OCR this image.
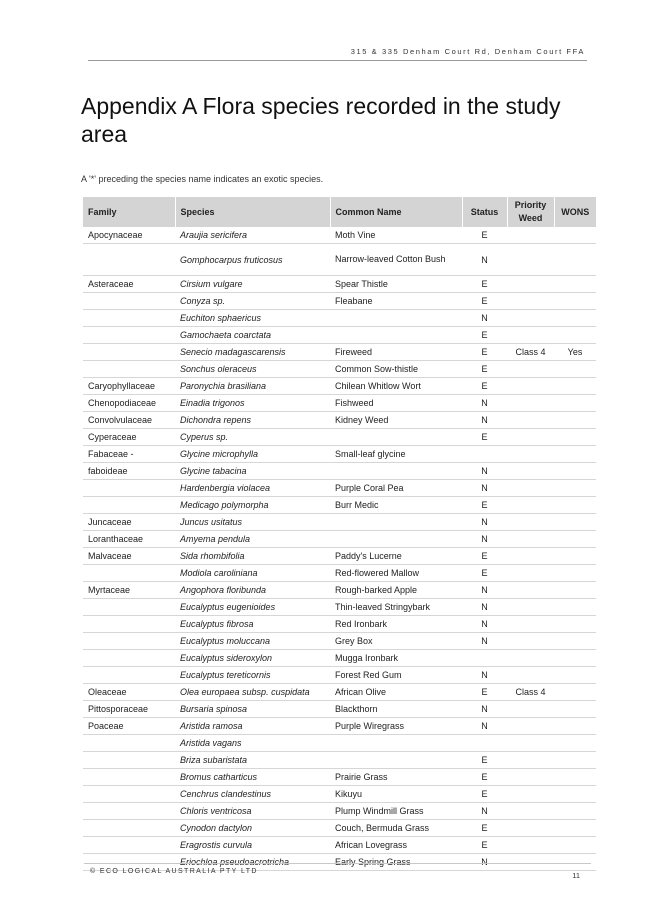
315 & 335 Denham Court Rd, Denham Court FFA
Appendix A Flora species recorded in the study area
A '*' preceding the species name indicates an exotic species.
Family	Species	Common Name	Status	Priority Weed	WONS
Apocynaceae	Araujia sericifera	Moth Vine	E		
	Gomphocarpus fruticosus	Narrow-leaved Cotton Bush	N		
Asteraceae	Cirsium vulgare	Spear Thistle	E		
	Conyza sp.	Fleabane	E		
	Euchiton sphaericus		N		
	Gamochaeta coarctata		E		
	Senecio madagascarensis	Fireweed	E	Class 4	Yes
	Sonchus oleraceus	Common Sow-thistle	E		
Caryophyllaceae	Paronychia brasiliana	Chilean Whitlow Wort	E		
Chenopodiaceae	Einadia trigonos	Fishweed	N		
Convolvulaceae	Dichondra repens	Kidney Weed	N		
Cyperaceae	Cyperus sp.		E		
Fabaceae -	Glycine microphylla	Small-leaf glycine			
faboideae	Glycine tabacina		N		
	Hardenbergia violacea	Purple Coral Pea	N		
	Medicago polymorpha	Burr Medic	E		
Juncaceae	Juncus usitatus		N		
Loranthaceae	Amyema pendula		N		
Malvaceae	Sida rhombifolia	Paddy's Lucerne	E		
	Modiola caroliniana	Red-flowered Mallow	E		
Myrtaceae	Angophora floribunda	Rough-barked Apple	N		
	Eucalyptus eugenioides	Thin-leaved Stringybark	N		
	Eucalyptus fibrosa	Red Ironbark	N		
	Eucalyptus moluccana	Grey Box	N		
	Eucalyptus sideroxylon	Mugga Ironbark			
	Eucalyptus tereticornis	Forest Red Gum	N		
Oleaceae	Olea europaea subsp. cuspidata	African Olive	E	Class 4	
Pittosporaceae	Bursaria spinosa	Blackthorn	N		
Poaceae	Aristida ramosa	Purple Wiregrass	N		
	Aristida vagans				
	Briza subaristata		E		
	Bromus catharticus	Prairie Grass	E		
	Cenchrus clandestinus	Kikuyu	E		
	Chloris ventricosa	Plump Windmill Grass	N		
	Cynodon dactylon	Couch, Bermuda Grass	E		
	Eragrostis curvula	African Lovegrass	E		
	Eriochloa pseudoacrotricha	Early Spring Grass	N		
© ECO LOGICAL AUSTRALIA PTY LTD	11
